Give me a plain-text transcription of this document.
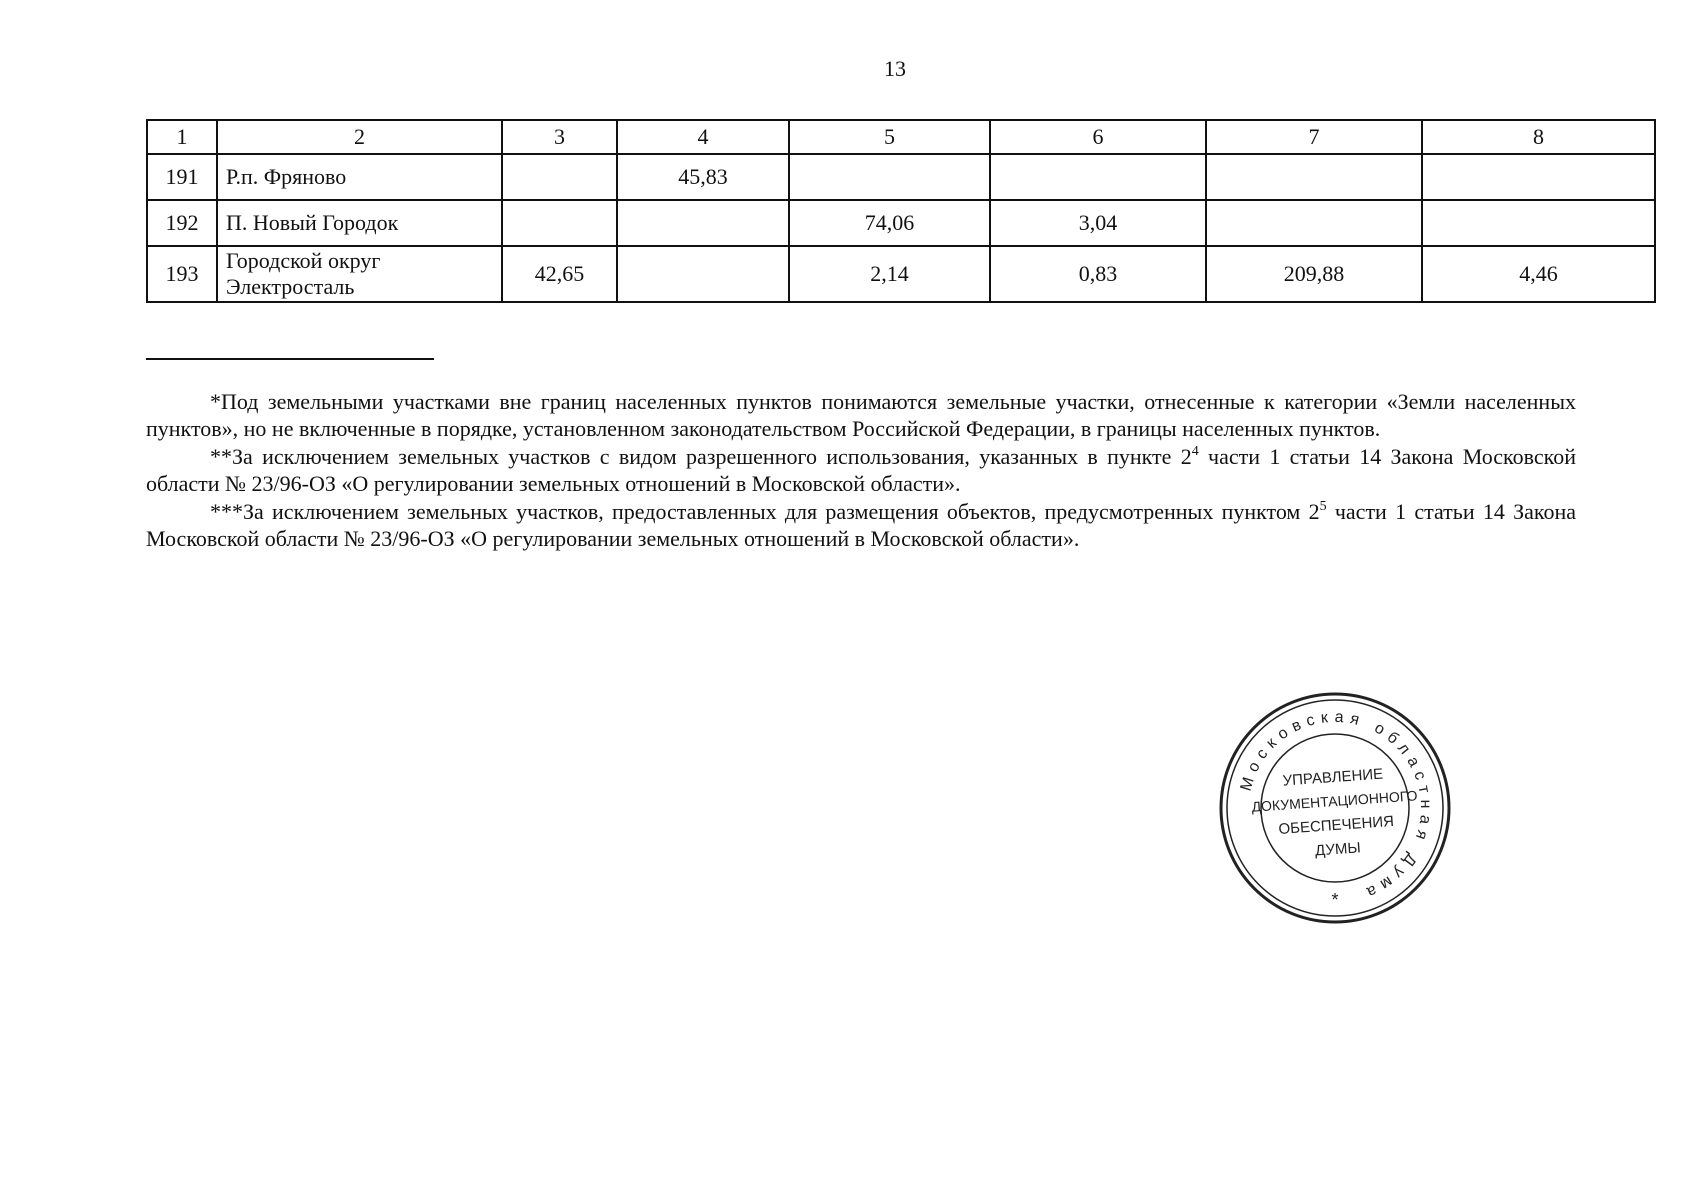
13
1	2	3	4	5	6	7	8
191	Р.п. Фряново		45,83				
192	П. Новый Городок			74,06	3,04		
193	Городской округ Электросталь	42,65		2,14	0,83	209,88	4,46

*Под земельными участками вне границ населенных пунктов понимаются земельные участки, отнесенные к категории «Земли населенных пунктов», но не включенные в порядке, установленном законодательством Российской Федерации, в границы населенных пунктов.

**За исключением земельных участков с видом разрешенного использования, указанных в пункте $2^4$ части 1 статьи 14 Закона Московской области № 23/96-ОЗ «О регулировании земельных отношений в Московской области».

***За исключением земельных участков, предоставленных для размещения объектов, предусмотренных пунктом $2^5$ части 1 статьи 14 Закона Московской области № 23/96-ОЗ «О регулировании земельных отношений в Московской области».

Московская областная Дума
УПРАВЛЕНИЕ
ДОКУМЕНТАЦИОННОГО
ОБЕСПЕЧЕНИЯ
ДУМЫ
*
